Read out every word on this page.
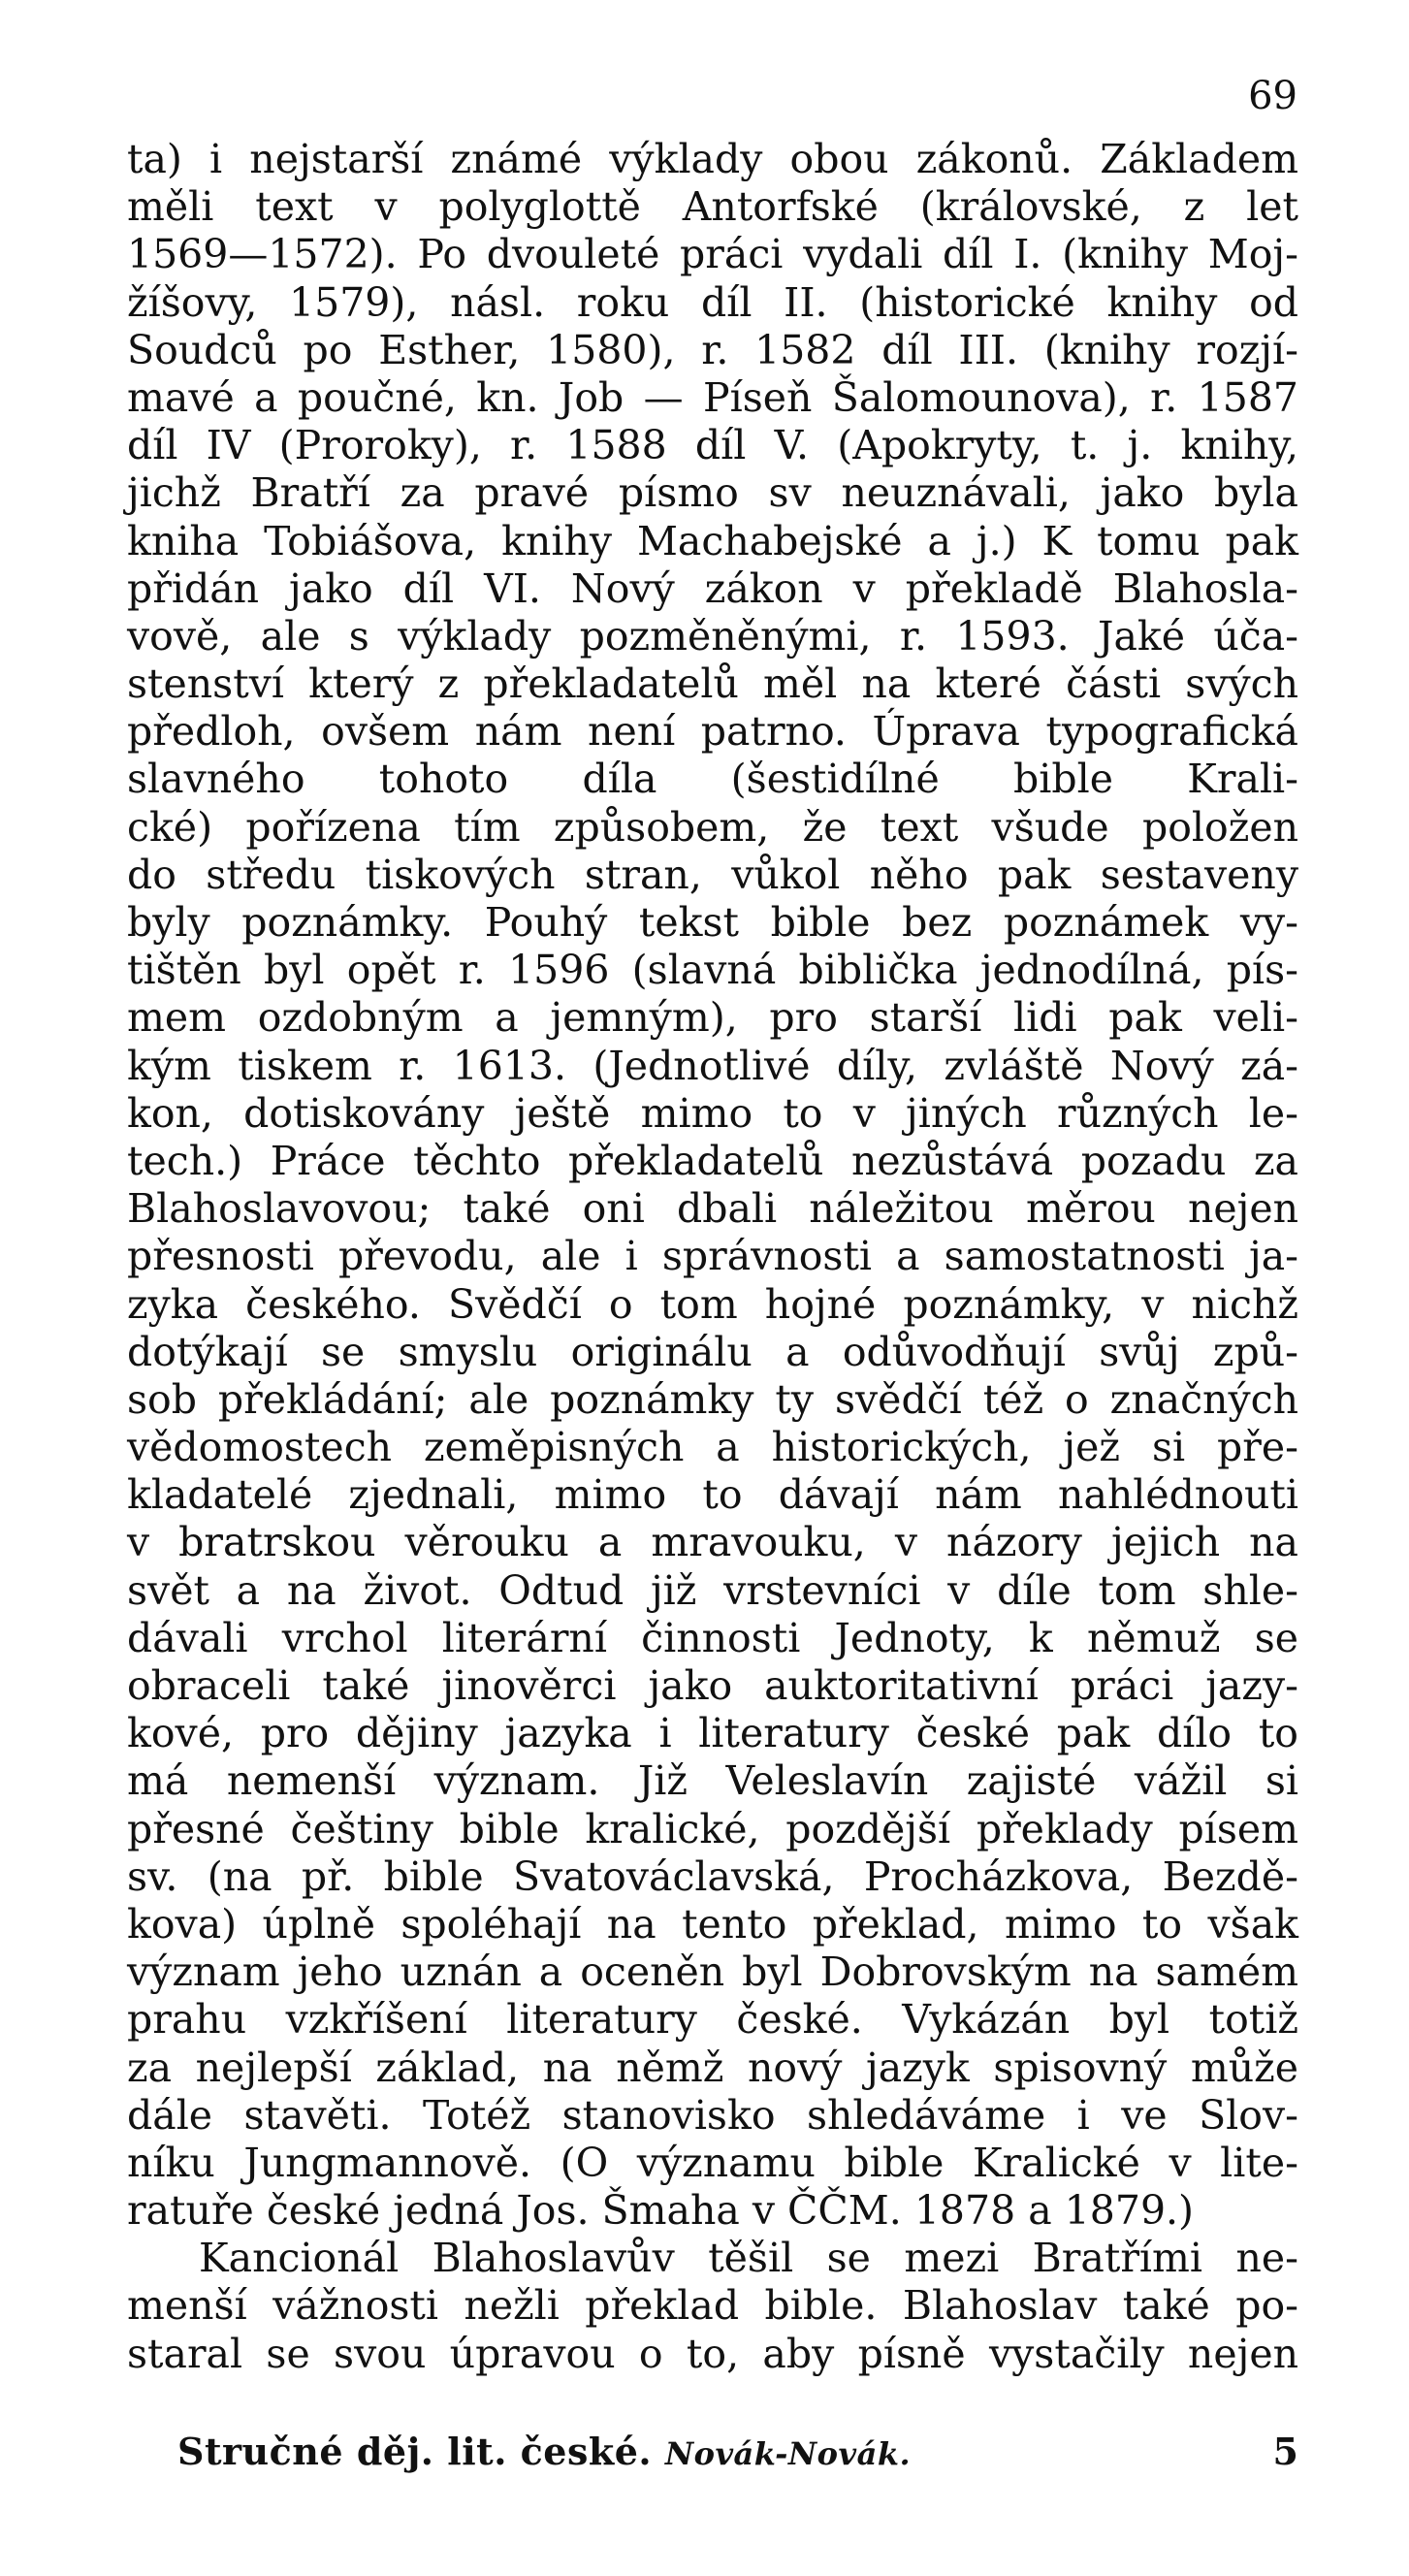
69
ta) i nejstarší známé výklady obou zákonů. Základem
měli text v polyglottě Antorfské (královské, z let
1569—1572). Po dvouleté práci vydali díl I. (knihy Moj-
žíšovy, 1579), násl. roku díl II. (historické knihy od
Soudců po Esther, 1580), r. 1582 díl III. (knihy rozjí-
mavé a poučné, kn. Job — Píseň Šalomounova), r. 1587
díl IV (Proroky), r. 1588 díl V. (Apokryty, t. j. knihy,
jichž Bratří za pravé písmo sv neuznávali, jako byla
kniha Tobiášova, knihy Machabejské a j.) K tomu pak
přidán jako díl VI. Nový zákon v překladě Blahosla-
vově, ale s výklady pozměněnými, r. 1593. Jaké úča-
stenství který z překladatelů měl na které části svých
předloh, ovšem nám není patrno. Úprava typografická
slavného tohoto díla (šestidílné bible Krali-
cké) pořízena tím způsobem, že text všude položen
do středu tiskových stran, vůkol něho pak sestaveny
byly poznámky. Pouhý tekst bible bez poznámek vy-
tištěn byl opět r. 1596 (slavná biblička jednodílná, pís-
mem ozdobným a jemným), pro starší lidi pak veli-
kým tiskem r. 1613. (Jednotlivé díly, zvláště Nový zá-
kon, dotiskovány ještě mimo to v jiných různých le-
tech.) Práce těchto překladatelů nezůstává pozadu za
Blahoslavovou; také oni dbali náležitou měrou nejen
přesnosti převodu, ale i správnosti a samostatnosti ja-
zyka českého. Svědčí o tom hojné poznámky, v nichž
dotýkají se smyslu originálu a odůvodňují svůj způ-
sob překládání; ale poznámky ty svědčí též o značných
vědomostech zeměpisných a historických, jež si pře-
kladatelé zjednali, mimo to dávají nám nahlédnouti
v bratrskou věrouku a mravouku, v názory jejich na
svět a na život. Odtud již vrstevníci v díle tom shle-
dávali vrchol literární činnosti Jednoty, k němuž se
obraceli také jinověrci jako auktoritativní práci jazy-
kové, pro dějiny jazyka i literatury české pak dílo to
má nemenší význam. Již Veleslavín zajisté vážil si
přesné češtiny bible kralické, pozdější překlady písem
sv. (na př. bible Svatováclavská, Procházkova, Bezdě-
kova) úplně spoléhají na tento překlad, mimo to však
význam jeho uznán a oceněn byl Dobrovským na samém
prahu vzkříšení literatury české. Vykázán byl totiž
za nejlepší základ, na němž nový jazyk spisovný může
dále stavěti. Totéž stanovisko shledáváme i ve Slov-
níku Jungmannově. (O významu bible Kralické v lite-
ratuře české jedná Jos. Šmaha v ČČM. 1878 a 1879.)
Kancionál Blahoslavův těšil se mezi Bratřími ne-
menší vážnosti nežli překlad bible. Blahoslav také po-
staral se svou úpravou o to, aby písně vystačily nejen
Stručné děj. lit. české. Novák-Novák.	5
